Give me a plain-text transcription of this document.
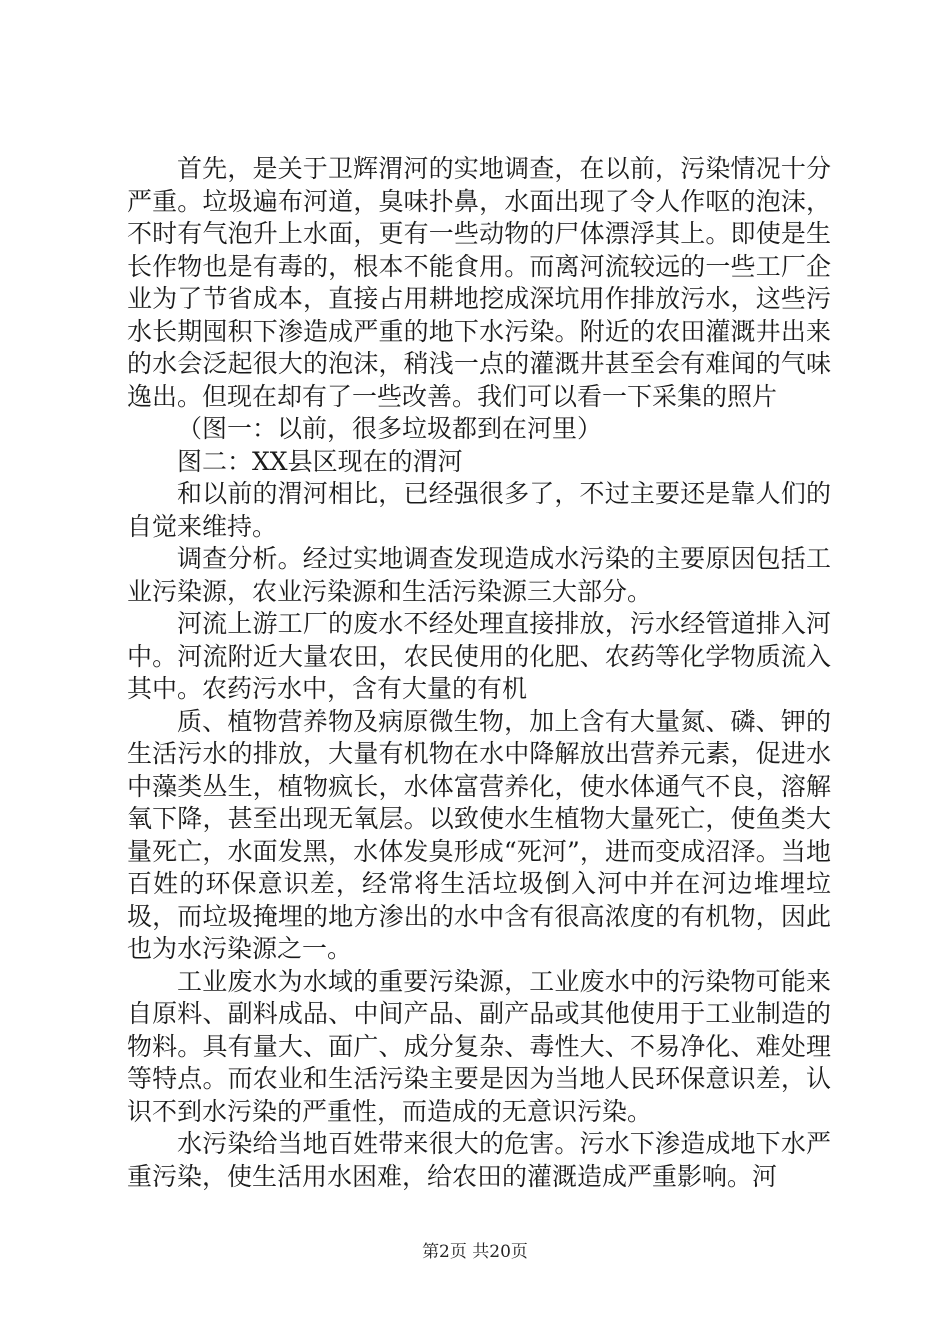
首先，是关于卫辉渭河的实地调查，在以前，污染情况十分严重。垃圾遍布河道，臭味扑鼻，水面出现了令人作呕的泡沫，不时有气泡升上水面，更有一些动物的尸体漂浮其上。即使是生长作物也是有毒的，根本不能食用。而离河流较远的一些工厂企业为了节省成本，直接占用耕地挖成深坑用作排放污水，这些污水长期囤积下渗造成严重的地下水污染。附近的农田灌溉井出来的水会泛起很大的泡沫，稍浅一点的灌溉井甚至会有难闻的气味逸出。但现在却有了一些改善。我们可以看一下采集的照片

（图一：以前，很多垃圾都到在河里）

图二：XX县区现在的渭河

和以前的渭河相比，已经强很多了，不过主要还是靠人们的自觉来维持。

调查分析。经过实地调查发现造成水污染的主要原因包括工业污染源，农业污染源和生活污染源三大部分。

河流上游工厂的废水不经处理直接排放，污水经管道排入河中。河流附近大量农田，农民使用的化肥、农药等化学物质流入其中。农药污水中，含有大量的有机

质、植物营养物及病原微生物，加上含有大量氮、磷、钾的生活污水的排放，大量有机物在水中降解放出营养元素，促进水中藻类丛生，植物疯长，水体富营养化，使水体通气不良，溶解氧下降，甚至出现无氧层。以致使水生植物大量死亡，使鱼类大量死亡，水面发黑，水体发臭形成“死河”，进而变成沼泽。当地百姓的环保意识差，经常将生活垃圾倒入河中并在河边堆埋垃圾，而垃圾掩埋的地方渗出的水中含有很高浓度的有机物，因此也为水污染源之一。

工业废水为水域的重要污染源，工业废水中的污染物可能来自原料、副料成品、中间产品、副产品或其他使用于工业制造的物料。具有量大、面广、成分复杂、毒性大、不易净化、难处理等特点。而农业和生活污染主要是因为当地人民环保意识差，认识不到水污染的严重性，而造成的无意识污染。

水污染给当地百姓带来很大的危害。污水下渗造成地下水严重污染，使生活用水困难，给农田的灌溉造成严重影响。河

第2页 共20页
